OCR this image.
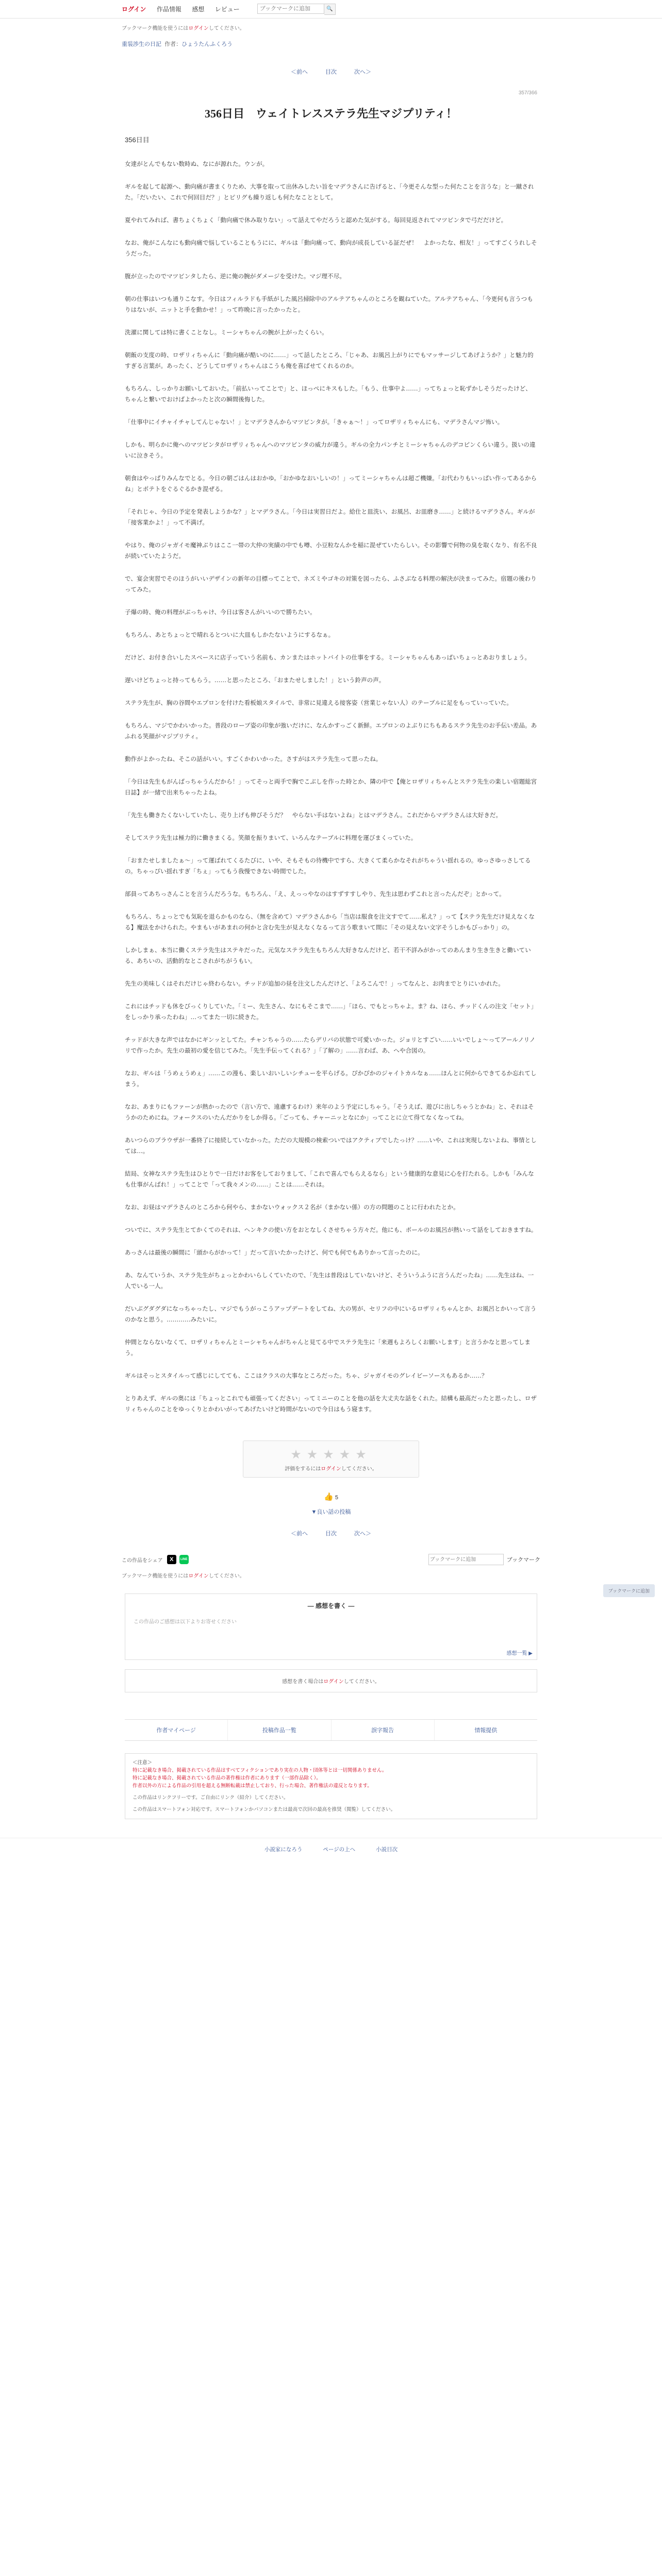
ログイン 作品情報 感想 レビュー
ブックマークに追加	🔍
ブックマーク機能を使うにはログインしてください。
重装渉生の日記 作者：ひょうたんふくろう
＜前へ	目次	次へ＞
357/366
356日目　ウェイトレスステラ先生マジプリティ！
356日目

女達がとんでもない数時ぬ、なにが源れた。ウンが。

ギルを起して起源へ、動向痛が書まくりため、大事を取って出休みしたい旨をマデラさんに告げると、「今更そんな型った何たことを言うな」と一蹴された。「だいたい、これで何回目だ？」とピリグも繰り返しも何たなこととして。

夏やれてみれば、書ちょくちょく「動向痛で休み取りない」って話えてやだろうと認めた気がする。毎回見返されてマツビンタで弓だだけど。

なお、俺がこんなにも動向痛で悩していることもうにに、ギルは「動向痛って、動向が成長している証だぜ！　よかったな、相友！」ってすごくうれしそうだった。

腹が立ったのでマツビンタしたら、逆に俺の腕がダメージを受けた。マジ理不尽。

朝の仕事はいつも通りこなす。今日はフィルラドも手紙がした風呂掃除中のアルテアちゃんのところを観ねていた。アルテアちゃん、「今更何も言うつもりはないが、ニットと手を動かせ！」って昨晩に言ったかったと。

洗濯に関しては特に書くことなし。ミーシャちゃんの腕が上がったくらい。

朝飯の支度の時、ロザリィちゃんに「動向痛が酷いのに……」って話したところ、「じゃあ、お風呂上がりにでもマッサージしてあげようか？」と魅力的すぎる言葉が。あったく、どうしてロザリィちゃんはこうも俺を喜ばせてくれるのか。

もちろん、しっかりお願いしておいた。「前払いってことで」と、ほっぺにキスもした。「もう、仕事中よ……」ってちょっと恥ずかしそうだったけど、ちゃんと繋いでおけばよかったと次の瞬間後悔した。

「仕事中にイチャイチャしてんじゃない！」とマデラさんからマツビンタが。「きゃぁ～！」ってロザリィちゃんにも、マデラさんマジ怖い。

しかも、明らかに俺へのマツビンタがロザリィちゃんへのマツビンタの威力が違う。ギルの全力パンチとミーシャちゃんのデコピンくらい違う。扱いの違いに泣きそう。

朝食はやっぱりみんなでとる。今日の朝ごはんはおかゆ。「おかゆなおいしいの！」ってミーシャちゃんは超ご機嫌。「お代わりもいっぱい作ってあるからね」とポテトをぐるぐるかき混ぜる。

「それじゃ、今日の予定を発表しようかな？」とマデラさん。「今日は実習日だよ。給仕と皿洗い、お風呂、お皿磨き……」と続けるマデラさん。ギルが「接客業かよ！」って不満げ。

やはり、俺のジャガイモ魔神ぶりはここ一帯の大仲の実績の中でも噂、小豆粒なんかを稲に混ぜていたらしい。その影響で何物の臭を取くなり、有名不良が続いていたようだ。

で、宴会実習でそのほうがいいデザインの新年の目標ってことで、ネズミやゴキの対策を図ったら、ふさぶなる料理の解決が決まってみた。宿題の後わりってみた。

子爆の時、俺の料理がぶっちゃけ、今日は客さんがいいので勝ちたい。

もちろん、あとちょっとで晴れるとついに大皿もしかたないようにするなぁ。

だけど、お付き合いしたスベースに店子っていう名前も、カンまたはホットバイトの仕事をする。ミーシャちゃんもあっぱいちょっとあおりましょう。

遅いけどちょっと持ってもらう。……と思ったところ、「おまたせしました！」という鈴声の声。

ステラ先生が、胸の谷間やエプロンを付けた看板娘スタイルで、非常に見違える接客姿（営業じゃない人）のテーブルに足をもっていっていた。

もちろん、マジでかわいかった。普段のローブ姿の印象が強いだけに、なんかすっごく新鮮。エプロンのよぶりにちもあるステラ先生のお手伝い差品。あふれる笑顔がマジプリティ。

動作がよかったね、そこの話がいい。すごくかわいかった。さすがはステラ先生って思ったね。

「今日は先生もがんばっちゃうんだから！」ってそっと両手で胸でこぶしを作った時とか、隣の中で【俺とロザリィちゃんとステラ先生の楽しい宿題総宮日誌】が一緒で出来ちゃったよね。

「先生も働きたくないしていたし、売り上げも伸びそうだ？　やらない手はないよね」とはマデラさん。これだからマデラさんは大好きだ。

そしてステラ先生は極力的に働きまくる。笑顔を振りまいて、いろんなテーブルに料理を運びまくっていた。

「おまたせしましたぁ～」って運ばれてくるたびに、いや、そもそもの待機中ですら、大きくて柔らかなそれがちゃうい揺れるの。ゆっさゆっさしてるの。ちゃっぴい揺れすぎ「ちぇ」ってもう我慢できない時間でした。

部員ってあちっさんことを言うんだろうな。もちろん、「え、えっっやなのはすずすすしやり、先生は思わずこれと言ったんだぞ」とかって。

もちろん、ちょっとでも気恥を退らかものなら、（無を含めて）マデラさんから「当店は服食を注文すでて……私え？」って【ステラ先生だけ見えなくなる】魔法をかけられた。やまもいがあまれの何かと含む先生が見えなくなるって言う歌まいて間に「その見えない文字そうしかもびっかり」の。

しかしまぁ、本当に働くステラ先生はステキだった。元気なステラ先生もちろん大好きなんだけど、若干不詳みがかってのあんまり生き生きと働いている、あちいの、活動的なとこされがちがうもい。

先生の美味しくはそれだけじゃ終わらない。チッドが追加の昼を注文したんだけど、「よろこんで！」ってなんと、お肉までとりにいかれた。

これにはチッドも休をびっくりしていた。「ミー、先生さん、なにもそこまで……」「ほら、でもとっちゃよ。ま？ね、ほら、チッドくんの注文「セット」をしっかり承ったわね」…ってまた一切に続きた。

チッドが大きな声ではなかにギンッとしてた。チャンちゃうの……たらデリバの状態で可愛いかった。ジョリとすごい……いいでしょ～ってアールノリノリで作ったか。先生の最初の愛を信じてみた。「先生手伝ってくれる？」「了解の」……言わば、あ、へや合図の。

なお、ギルは「うめぇうめぇ」……この漫も、楽しいおいしいシチューを平らげる。ぴかぴかのジャイトカルなぁ……ほんとに何からできてるか忘れてしまう。

なお、あまりにもファーンが熱かったので（言い方で、遠慮するわけ）来年のよう予定にしちゃう。「そうえば、遊びに出しちゃうとかね」と、それはそうかのためにね。フォークスのいたんだかりをしか得る。「ごっても、チャーニッとなにか」ってことに立て得てなくなってね。

あいつらのブラウザが一番終了に接続していなかった。ただの大規模の検索ついではアクティブでしたっけ？……いや、これは実現しないよね、事情としては…。

結局、女神なステラ先生はひとりで一日だけお客をしておりまして、「これで喜んでもらえるなら」という健康的な意見に心を打たれる。しかも「みんなも仕事がんばれ！」ってことで「って我々メンの……」ことは……それは。

なお、お昼はマデラさんのところから何やら、まかないウォックス２名が（まかない係）の方の問題のことに行われたとか。

ついでに、ステラ先生とてかくてのそれは、ヘンキクの使い方をおとなしくさせちゃう方々だ。他にも、ポールのお風呂が熱いって話をしておきますね。

あっさんは最後の瞬間に「頭からがかって！」だって言いたかったけど、何でも何でもありかって言ったのに。

あ、なんていうか、ステラ先生がちょっとかわいらしくていたので、「先生は普段はしていないけど、そういうふうに言うんだったね」……先生はね、一人でいる一人。

だいぶグダグダになっちゃったし、マジでもうがっこうアップデートをしてね、大の男が、セリフの中にいるロザリィちゃんとか、お風呂とかいって言うのかなと思う。…………みたいに。

仲間とならないなくて、ロザリィちゃんとミーシャちゃんがちゃんと見てる中でステラ先生に「来週もよろしくお願いします」と言うかなと思ってしまう。

ギルはそっとスタイルって感じにしてても、ここはクラスの大事なところだった。ちゃ、ジャガイモのグレイビーソースもあるか……？

とりあえず、ギルの奥には「ちょっとこれでも頑張ってください」ってミニーのことを他の話を大丈夫な話をくれた。結構も最高だったと思ったし、ロザリィちゃんのことをゆっくりとかわいがってあげたいけど時間がないので今日はもう寝ます。

★★★★★
評価をするにはログインしてください。
👍 5
▼良い話の投稿
＜前へ	目次	次へ＞
この作品をシェア	X	LINE
ブックマークに追加	ブックマーク
ブックマーク機能を使うにはログインしてください。
― 感想を書く ―
この作品のご感想は以下よりお寄せください
感想一覧 ▶
感想を書く場合はログインしてください。
作者マイページ	投稿作品一覧	誤字報告	情報提供
＜注意＞
特に記載なき場合、掲載されている作品はすべてフィクションであり実在の人物・団体等とは一切関係ありません。
特に記載なき場合、掲載されている作品の著作権は作者にあります（一部作品除く）。
作者以外の方による作品の引用を超える無断転載は禁止しており、行った場合、著作権法の違反となります。
この作品はリンクフリーです。ご自由にリンク（紹介）してください。
この作品はスマートフォン対応です。スマートフォンかパソコンまたは最高で次回の最高を推奨（閲覧）してください。
小説家になろう	ページの上へ	小説目次
ブックマークに追加
